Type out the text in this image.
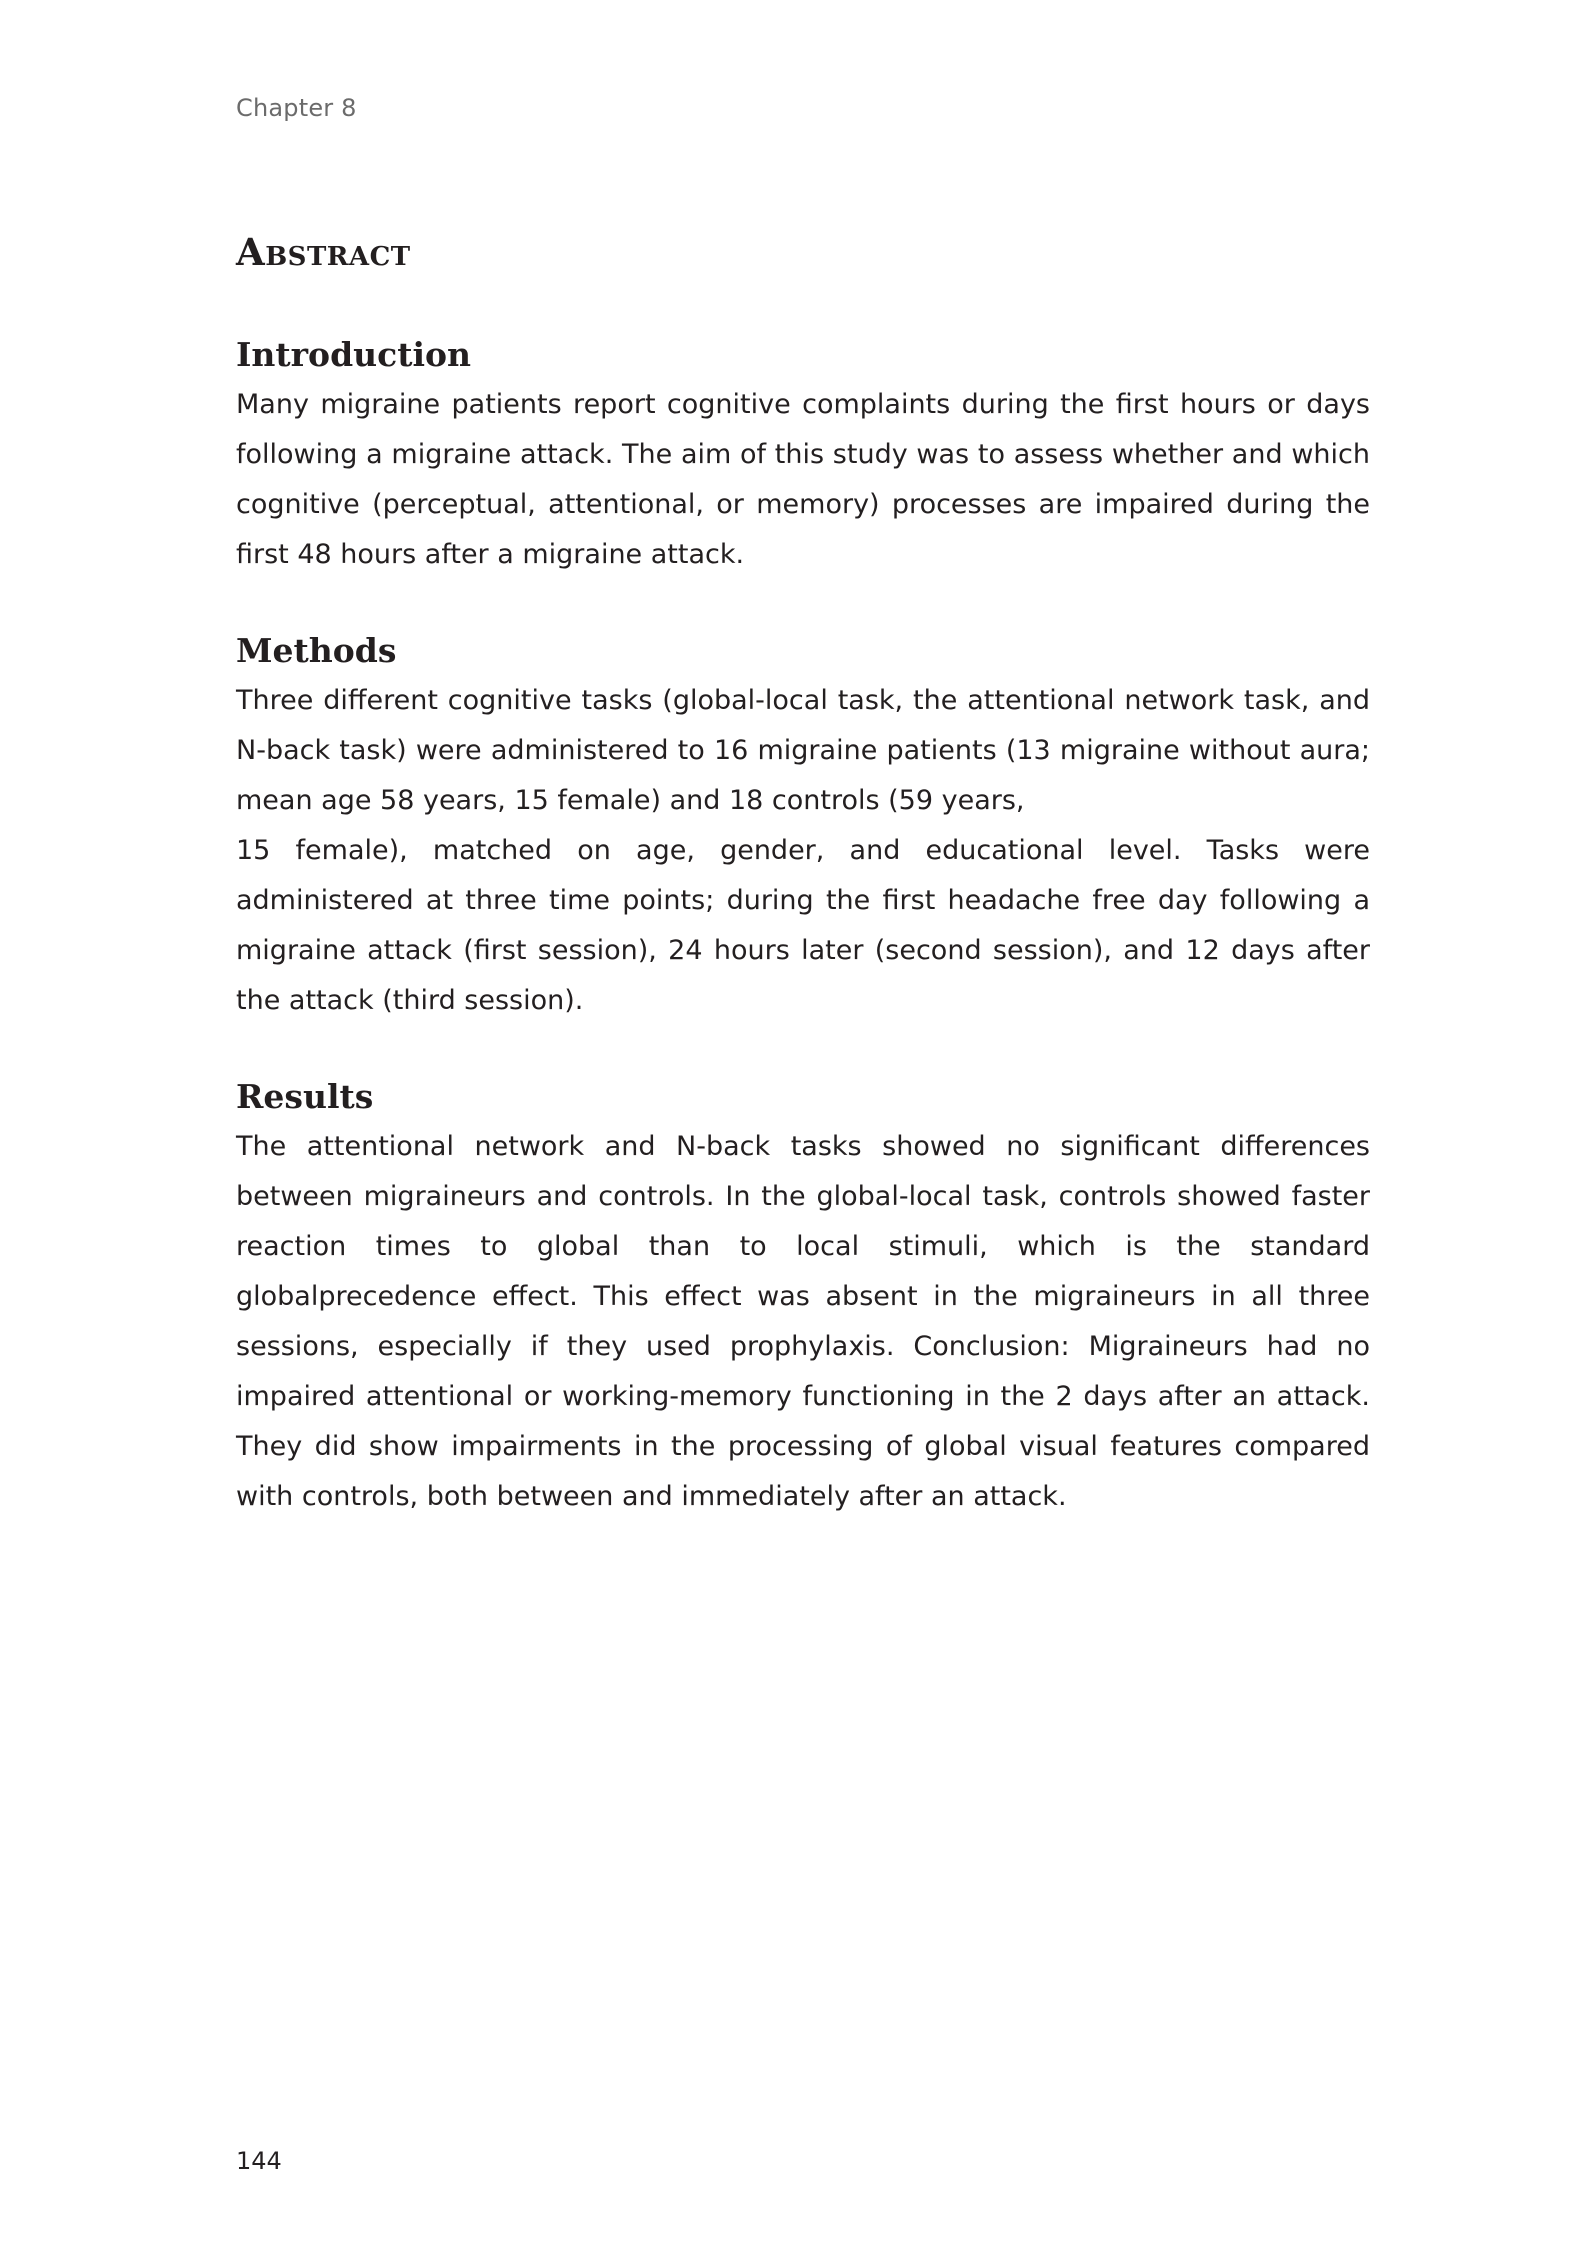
Chapter 8
Abstract
Introduction

Many migraine patients report cognitive complaints during the first hours or days following a migraine attack. The aim of this study was to assess whether and which cognitive (perceptual, attentional, or memory) processes are impaired during the first 48 hours after a migraine attack.

Methods

Three different cognitive tasks (global-local task, the attentional network task, and N-back task) were administered to 16 migraine patients (13 migraine without aura; mean age 58 years, 15 female) and 18 controls (59 years,
15 female), matched on age, gender, and educational level. Tasks were administered at three time points; during the first headache free day following a migraine attack (first session), 24 hours later (second session), and 12 days after the attack (third session).

Results

The attentional network and N-back tasks showed no significant differences between migraineurs and controls. In the global-local task, controls showed faster reaction times to global than to local stimuli, which is the standard globalprecedence effect. This effect was absent in the migraineurs in all three sessions, especially if they used prophylaxis. Conclusion: Migraineurs had no impaired attentional or working-memory functioning in the 2 days after an attack. They did show impairments in the processing of global visual features compared with controls, both between and immediately after an attack.

144
